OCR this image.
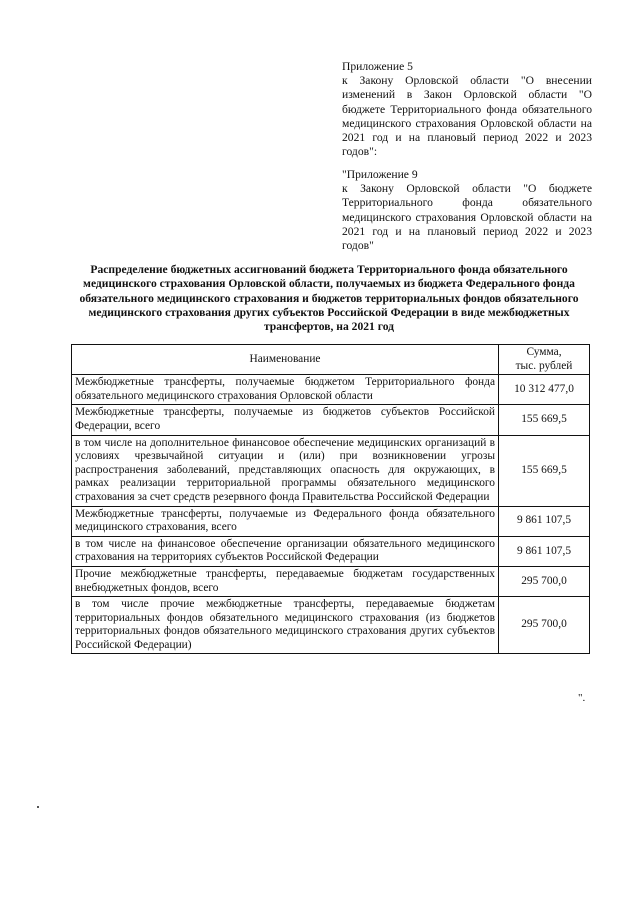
Приложение 5

к Закону Орловской области "О внесении изменений в Закон Орловской области "О бюджете Территориального фонда обязательного медицинского страхования Орловской области на 2021 год и на плановый период 2022 и 2023 годов":

"Приложение 9

к Закону Орловской области "О бюджете Территориального фонда обязательного медицинского страхования Орловской области на 2021 год и на плановый период 2022 и 2023 годов"

Распределение бюджетных ассигнований бюджета Территориального фонда обязательного медицинского страхования Орловской области, получаемых из бюджета Федерального фонда обязательного медицинского страхования и бюджетов территориальных фондов обязательного медицинского страхования других субъектов Российской Федерации в виде межбюджетных трансфертов, на 2021 год
Наименование	Сумма,
тыс. рублей
Межбюджетные трансферты, получаемые бюджетом Территориального фонда обязательного медицинского страхования Орловской области	10 312 477,0
Межбюджетные трансферты, получаемые из бюджетов субъектов Российской Федерации, всего	155 669,5
в том числе на дополнительное финансовое обеспечение медицинских организаций в условиях чрезвычайной ситуации и (или) при возникновении угрозы распространения заболеваний, представляющих опасность для окружающих, в рамках реализации территориальной программы обязательного медицинского страхования за счет средств резервного фонда Правительства Российской Федерации	155 669,5
Межбюджетные трансферты, получаемые из Федерального фонда обязательного медицинского страхования, всего	9 861 107,5
в том числе на финансовое обеспечение организации обязательного медицинского страхования на территориях субъектов Российской Федерации	9 861 107,5
Прочие межбюджетные трансферты, передаваемые бюджетам государственных внебюджетных фондов, всего	295 700,0
в том числе прочие межбюджетные трансферты, передаваемые бюджетам территориальных фондов обязательного медицинского страхования (из бюджетов территориальных фондов обязательного медицинского страхования других субъектов Российской Федерации)	295 700,0
".
